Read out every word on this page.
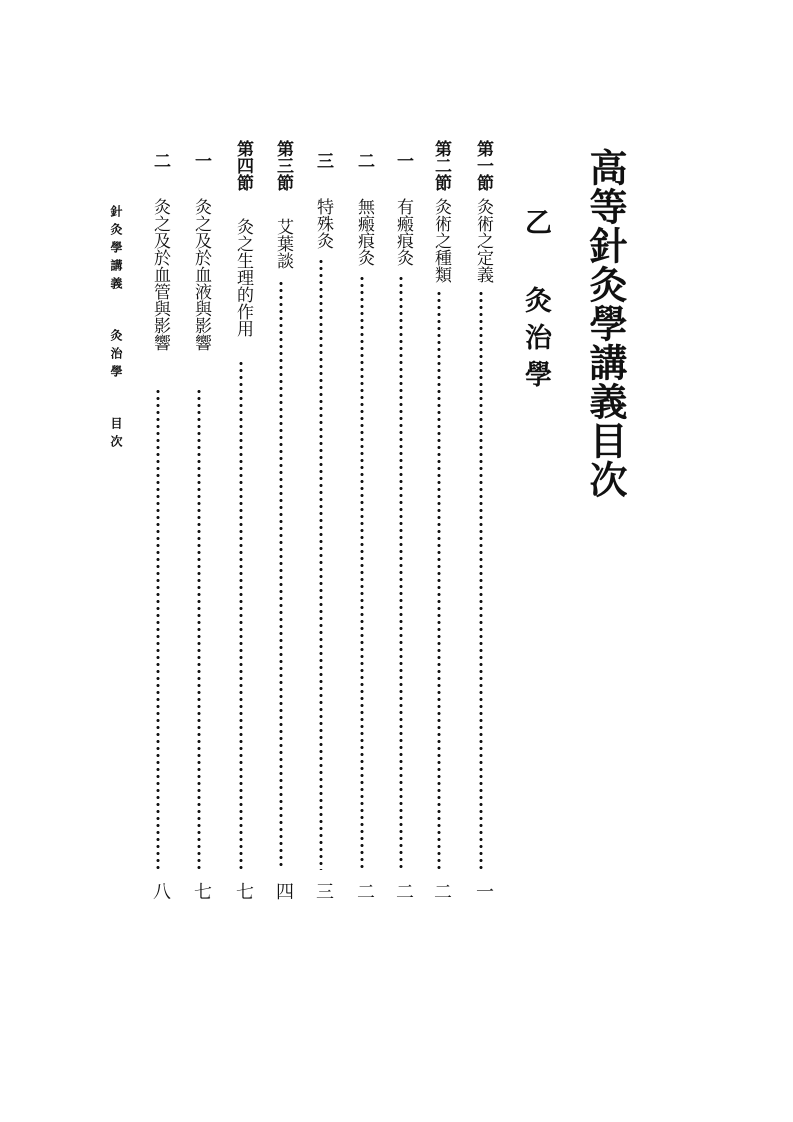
高等針灸學講義目次
乙 灸治學
第一節
灸術之定義
一
第二節
灸術之種類
二
一
有瘢痕灸
二
二
無瘢痕灸
二
三
特殊灸
三
第三節
艾葉談
四
第四節
灸之生理的作用
七
一
灸之及於血液與影響
七
二
灸之及於血管與影響
八
針灸學講義 灸治學 目次
